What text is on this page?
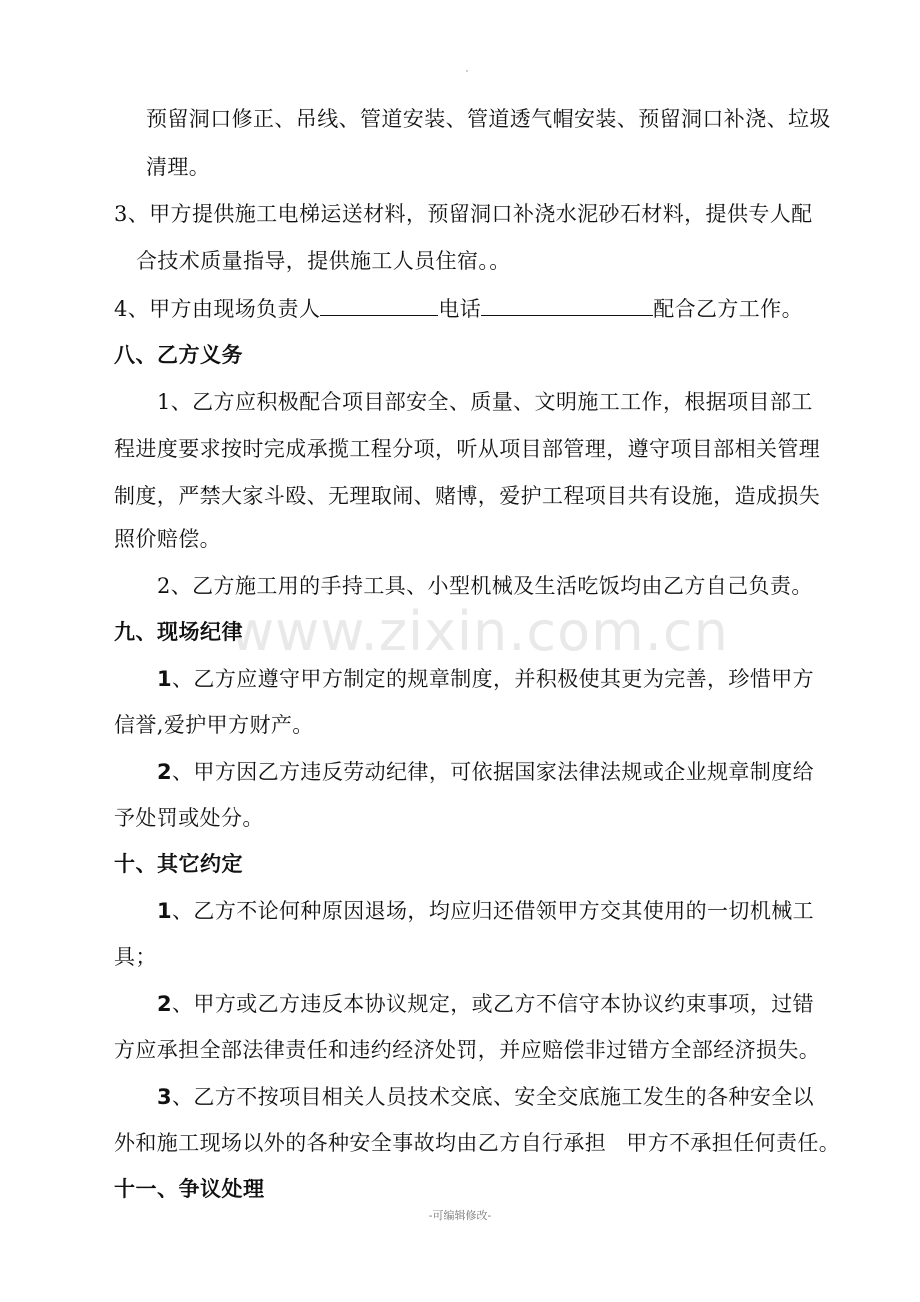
www.zixin.com.cn
预留洞口修正、吊线、管道安装、管道透气帽安装、预留洞口补浇、垃圾
清理。
3、甲方提供施工电梯运送材料，预留洞口补浇水泥砂石材料，提供专人配
合技术质量指导，提供施工人员住宿。。
4、甲方由现场负责人	电话	配合乙方工作。
八、乙方义务
1、乙方应积极配合项目部安全、质量、文明施工工作，根据项目部工
程进度要求按时完成承揽工程分项，听从项目部管理，遵守项目部相关管理
制度，严禁大家斗殴、无理取闹、赌博，爱护工程项目共有设施，造成损失
照价赔偿。
2、乙方施工用的手持工具、小型机械及生活吃饭均由乙方自己负责。
九、现场纪律
1、乙方应遵守甲方制定的规章制度，并积极使其更为完善，珍惜甲方
信誉,爱护甲方财产。
2、甲方因乙方违反劳动纪律，可依据国家法律法规或企业规章制度给
予处罚或处分。
十、其它约定
1、乙方不论何种原因退场，均应归还借领甲方交其使用的一切机械工
具；
2、甲方或乙方违反本协议规定，或乙方不信守本协议约束事项，过错
方应承担全部法律责任和违约经济处罚，并应赔偿非过错方全部经济损失。
3、乙方不按项目相关人员技术交底、安全交底施工发生的各种安全以
外和施工现场以外的各种安全事故均由乙方自行承担 甲方不承担任何责任。
十一、争议处理
-可编辑修改-
